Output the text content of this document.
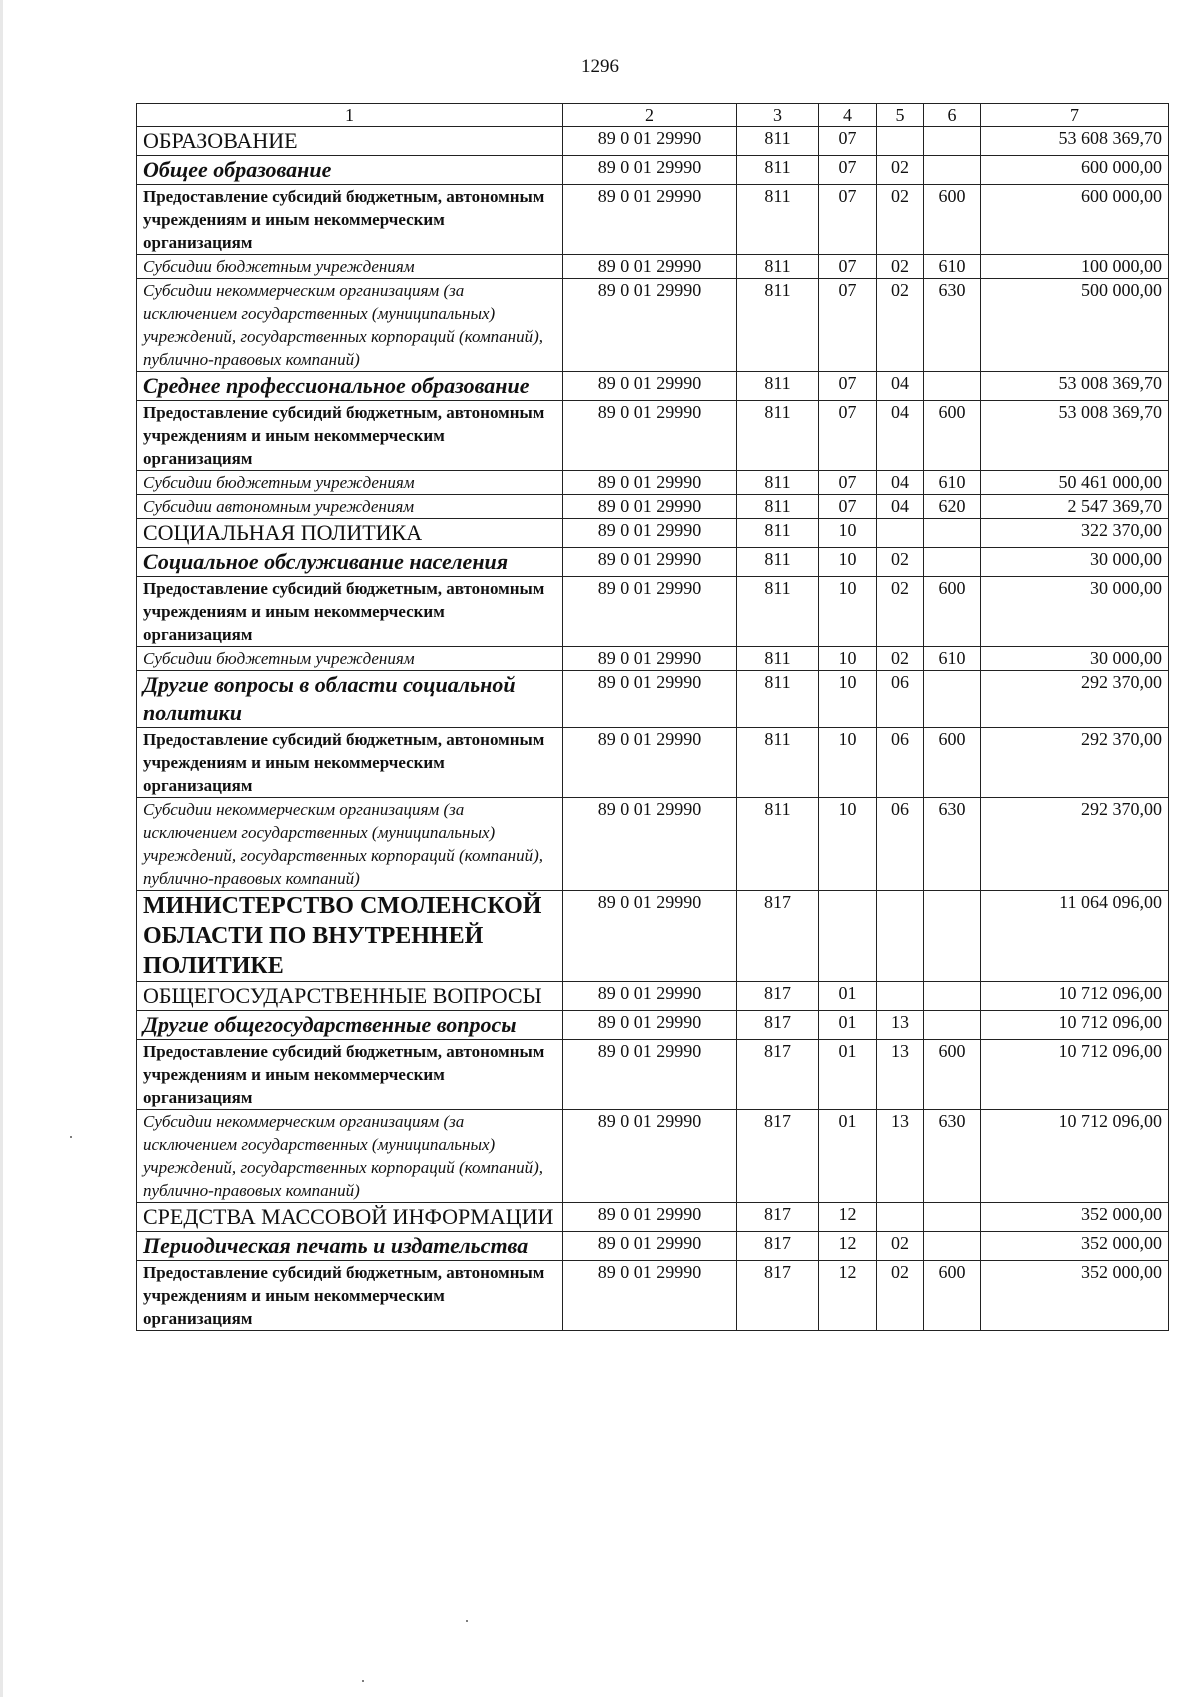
1296
1	2	3	4	5	6	7
ОБРАЗОВАНИЕ	89 0 01 29990	811	07			53 608 369,70
Общее образование	89 0 01 29990	811	07	02		600 000,00
Предоставление субсидий бюджетным, автономным учреждениям и иным некоммерческим организациям	89 0 01 29990	811	07	02	600	600 000,00
Субсидии бюджетным учреждениям	89 0 01 29990	811	07	02	610	100 000,00
Субсидии некоммерческим организациям (за исключением государственных (муниципальных) учреждений, государственных корпораций (компаний), публично-правовых компаний)	89 0 01 29990	811	07	02	630	500 000,00
Среднее профессиональное образование	89 0 01 29990	811	07	04		53 008 369,70
Предоставление субсидий бюджетным, автономным учреждениям и иным некоммерческим организациям	89 0 01 29990	811	07	04	600	53 008 369,70
Субсидии бюджетным учреждениям	89 0 01 29990	811	07	04	610	50 461 000,00
Субсидии автономным учреждениям	89 0 01 29990	811	07	04	620	2 547 369,70
СОЦИАЛЬНАЯ ПОЛИТИКА	89 0 01 29990	811	10			322 370,00
Социальное обслуживание населения	89 0 01 29990	811	10	02		30 000,00
Предоставление субсидий бюджетным, автономным учреждениям и иным некоммерческим организациям	89 0 01 29990	811	10	02	600	30 000,00
Субсидии бюджетным учреждениям	89 0 01 29990	811	10	02	610	30 000,00
Другие вопросы в области социальной политики	89 0 01 29990	811	10	06		292 370,00
Предоставление субсидий бюджетным, автономным учреждениям и иным некоммерческим организациям	89 0 01 29990	811	10	06	600	292 370,00
Субсидии некоммерческим организациям (за исключением государственных (муниципальных) учреждений, государственных корпораций (компаний), публично-правовых компаний)	89 0 01 29990	811	10	06	630	292 370,00
МИНИСТЕРСТВО СМОЛЕНСКОЙ ОБЛАСТИ ПО ВНУТРЕННЕЙ ПОЛИТИКЕ	89 0 01 29990	817				11 064 096,00
ОБЩЕГОСУДАРСТВЕННЫЕ ВОПРОСЫ	89 0 01 29990	817	01			10 712 096,00
Другие общегосударственные вопросы	89 0 01 29990	817	01	13		10 712 096,00
Предоставление субсидий бюджетным, автономным учреждениям и иным некоммерческим организациям	89 0 01 29990	817	01	13	600	10 712 096,00
Субсидии некоммерческим организациям (за исключением государственных (муниципальных) учреждений, государственных корпораций (компаний), публично-правовых компаний)	89 0 01 29990	817	01	13	630	10 712 096,00
СРЕДСТВА МАССОВОЙ ИНФОРМАЦИИ	89 0 01 29990	817	12			352 000,00
Периодическая печать и издательства	89 0 01 29990	817	12	02		352 000,00
Предоставление субсидий бюджетным, автономным учреждениям и иным некоммерческим организациям	89 0 01 29990	817	12	02	600	352 000,00
